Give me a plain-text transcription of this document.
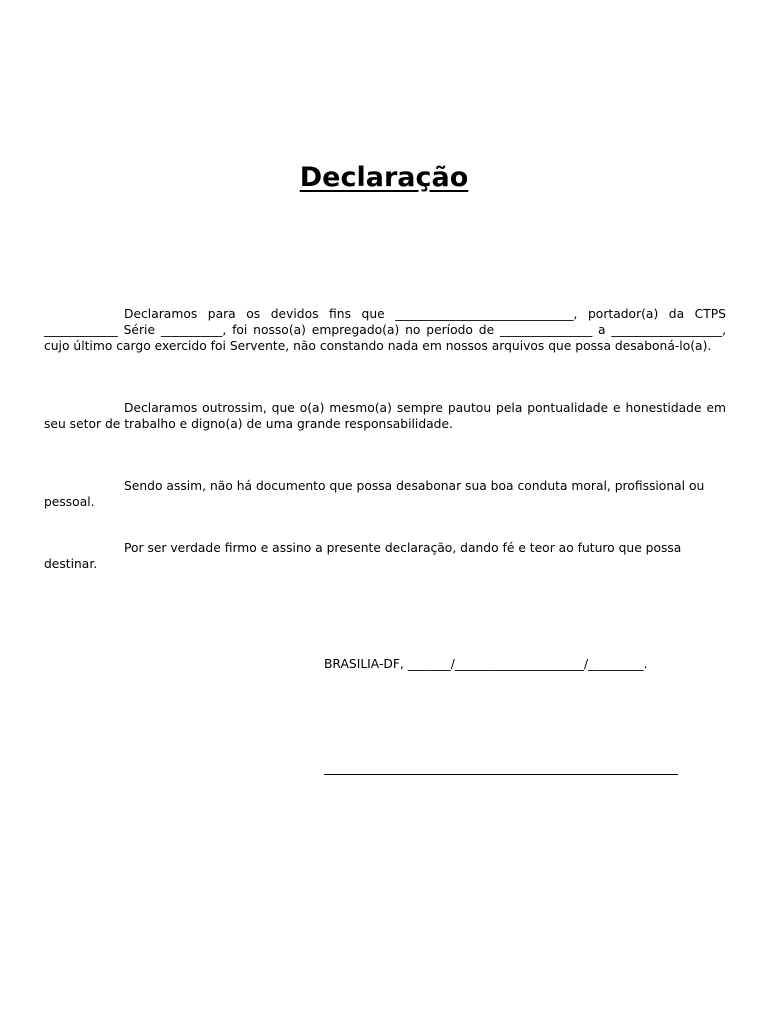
Declaração

Declaramos para os devidos fins que _____________________________, portador(a) da CTPS ____________ Série __________, foi nosso(a) empregado(a) no período de _______________ a __________________, cujo último cargo exercido foi Servente, não constando nada em nossos arquivos que possa desaboná-lo(a).

Declaramos outrossim, que o(a) mesmo(a) sempre pautou pela pontualidade e honestidade em seu setor de trabalho e digno(a) de uma grande responsabilidade.

Sendo assim, não há documento que possa desabonar sua boa conduta moral, profissional ou pessoal.

Por ser verdade firmo e assino a presente declaração, dando fé e teor ao futuro que possa destinar.

BRASILIA-DF, _______/_____________________/_________.
